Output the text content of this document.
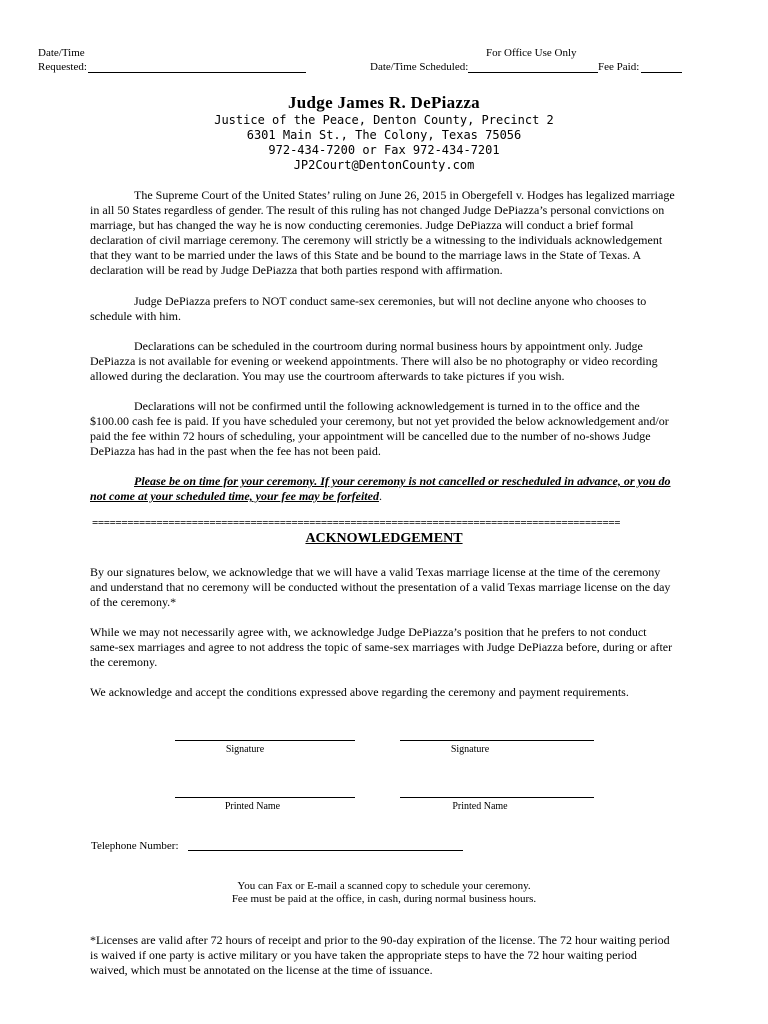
Date/Time
Requested:
For Office Use Only
Date/Time Scheduled:	Fee Paid:
Judge James R. DePiazza
Justice of the Peace, Denton County, Precinct 2
6301 Main St., The Colony, Texas 75056
972-434-7200 or Fax 972-434-7201
JP2Court@DentonCounty.com
The Supreme Court of the United States’ ruling on June 26, 2015 in Obergefell v. Hodges has legalized marriage in all 50 States regardless of gender. The result of this ruling has not changed Judge DePiazza’s personal convictions on marriage, but has changed the way he is now conducting ceremonies. Judge DePiazza will conduct a brief formal declaration of civil marriage ceremony. The ceremony will strictly be a witnessing to the individuals acknowledgement that they want to be married under the laws of this State and be bound to the marriage laws in the State of Texas. A declaration will be read by Judge DePiazza that both parties respond with affirmation.
Judge DePiazza prefers to NOT conduct same-sex ceremonies, but will not decline anyone who chooses to schedule with him.
Declarations can be scheduled in the courtroom during normal business hours by appointment only. Judge DePiazza is not available for evening or weekend appointments. There will also be no photography or video recording allowed during the declaration. You may use the courtroom afterwards to take pictures if you wish.
Declarations will not be confirmed until the following acknowledgement is turned in to the office and the $100.00 cash fee is paid. If you have scheduled your ceremony, but not yet provided the below acknowledgement and/or paid the fee within 72 hours of scheduling, your appointment will be cancelled due to the number of no-shows Judge DePiazza has had in the past when the fee has not been paid.
Please be on time for your ceremony. If your ceremony is not cancelled or rescheduled in advance, or you do not come at your scheduled time, your fee may be forfeited.
==========================================================================================
ACKNOWLEDGEMENT
By our signatures below, we acknowledge that we will have a valid Texas marriage license at the time of the ceremony and understand that no ceremony will be conducted without the presentation of a valid Texas marriage license on the day of the ceremony.*
While we may not necessarily agree with, we acknowledge Judge DePiazza’s position that he prefers to not conduct same-sex marriages and agree to not address the topic of same-sex marriages with Judge DePiazza before, during or after the ceremony.
We acknowledge and accept the conditions expressed above regarding the ceremony and payment requirements.
Signature	Signature
Printed Name	Printed Name
Telephone Number:
You can Fax or E-mail a scanned copy to schedule your ceremony.
Fee must be paid at the office, in cash, during normal business hours.
*Licenses are valid after 72 hours of receipt and prior to the 90-day expiration of the license. The 72 hour waiting period is waived if one party is active military or you have taken the appropriate steps to have the 72 hour waiting period waived, which must be annotated on the license at the time of issuance.
